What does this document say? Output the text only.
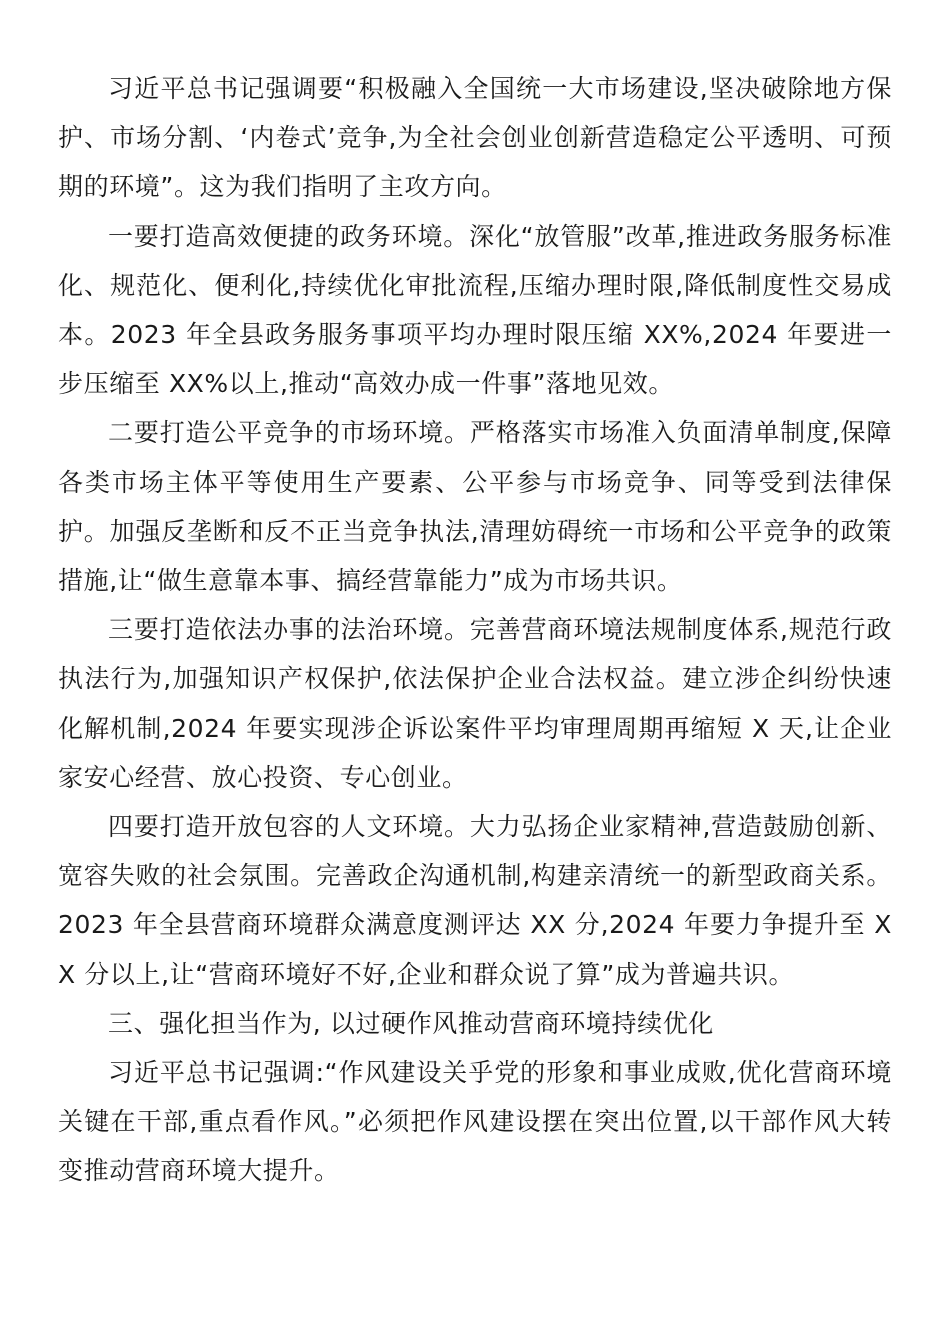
习近平总书记强调要“积极融入全国统一大市场建设,坚决破除地方保护、市场分割、‘内卷式’竞争,为全社会创业创新营造稳定公平透明、可预期的环境”。这为我们指明了主攻方向。

一要打造高效便捷的政务环境。深化“放管服”改革,推进政务服务标准化、规范化、便利化,持续优化审批流程,压缩办理时限,降低制度性交易成本。2023 年全县政务服务事项平均办理时限压缩 XX%,2024 年要进一步压缩至 XX%以上,推动“高效办成一件事”落地见效。

二要打造公平竞争的市场环境。严格落实市场准入负面清单制度,保障各类市场主体平等使用生产要素、公平参与市场竞争、同等受到法律保护。加强反垄断和反不正当竞争执法,清理妨碍统一市场和公平竞争的政策措施,让“做生意靠本事、搞经营靠能力”成为市场共识。

三要打造依法办事的法治环境。完善营商环境法规制度体系,规范行政执法行为,加强知识产权保护,依法保护企业合法权益。建立涉企纠纷快速化解机制,2024 年要实现涉企诉讼案件平均审理周期再缩短 X 天,让企业家安心经营、放心投资、专心创业。

四要打造开放包容的人文环境。大力弘扬企业家精神,营造鼓励创新、宽容失败的社会氛围。完善政企沟通机制,构建亲清统一的新型政商关系。2023 年全县营商环境群众满意度测评达 XX 分,2024 年要力争提升至 XX 分以上,让“营商环境好不好,企业和群众说了算”成为普遍共识。

三、强化担当作为, 以过硬作风推动营商环境持续优化

习近平总书记强调:“作风建设关乎党的形象和事业成败,优化营商环境关键在干部,重点看作风。”必须把作风建设摆在突出位置,以干部作风大转变推动营商环境大提升。
